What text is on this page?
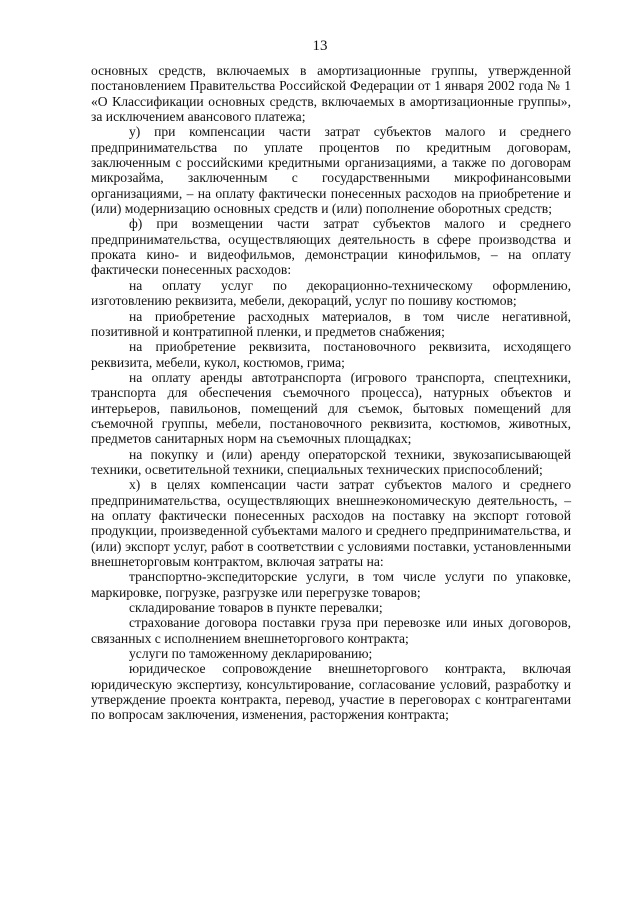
13

основных средств, включаемых в амортизационные группы, утвержденной постановлением Правительства Российской Федерации от 1 января 2002 года № 1 «О Классификации основных средств, включаемых в амортизационные группы», за исключением авансового платежа;

у) при компенсации части затрат субъектов малого и среднего предпринимательства по уплате процентов по кредитным договорам, заключенным с российскими кредитными организациями, а также по договорам микрозайма, заключенным с государственными микрофинансовыми организациями, – на оплату фактически понесенных расходов на приобретение и (или) модернизацию основных средств и (или) пополнение оборотных средств;

ф) при возмещении части затрат субъектов малого и среднего предпринимательства, осуществляющих деятельность в сфере производства и проката кино- и видеофильмов, демонстрации кинофильмов, – на оплату фактически понесенных расходов:

на оплату услуг по декорационно-техническому оформлению, изготовлению реквизита, мебели, декораций, услуг по пошиву костюмов;

на приобретение расходных материалов, в том числе негативной, позитивной и контратипной пленки, и предметов снабжения;

на приобретение реквизита, постановочного реквизита, исходящего реквизита, мебели, кукол, костюмов, грима;

на оплату аренды автотранспорта (игрового транспорта, спецтехники, транспорта для обеспечения съемочного процесса), натурных объектов и интерьеров, павильонов, помещений для съемок, бытовых помещений для съемочной группы, мебели, постановочного реквизита, костюмов, животных, предметов санитарных норм на съемочных площадках;

на покупку и (или) аренду операторской техники, звукозаписывающей техники, осветительной техники, специальных технических приспособлений;

х) в целях компенсации части затрат субъектов малого и среднего предпринимательства, осуществляющих внешнеэкономическую деятельность, – на оплату фактически понесенных расходов на поставку на экспорт готовой продукции, произведенной субъектами малого и среднего предпринимательства, и (или) экспорт услуг, работ в соответствии с условиями поставки, установленными внешнеторговым контрактом, включая затраты на:

транспортно-экспедиторские услуги, в том числе услуги по упаковке, маркировке, погрузке, разгрузке или перегрузке товаров;

складирование товаров в пункте перевалки;

страхование договора поставки груза при перевозке или иных договоров, связанных с исполнением внешнеторгового контракта;

услуги по таможенному декларированию;

юридическое сопровождение внешнеторгового контракта, включая юридическую экспертизу, консультирование, согласование условий, разработку и утверждение проекта контракта, перевод, участие в переговорах с контрагентами по вопросам заключения, изменения, расторжения контракта;
